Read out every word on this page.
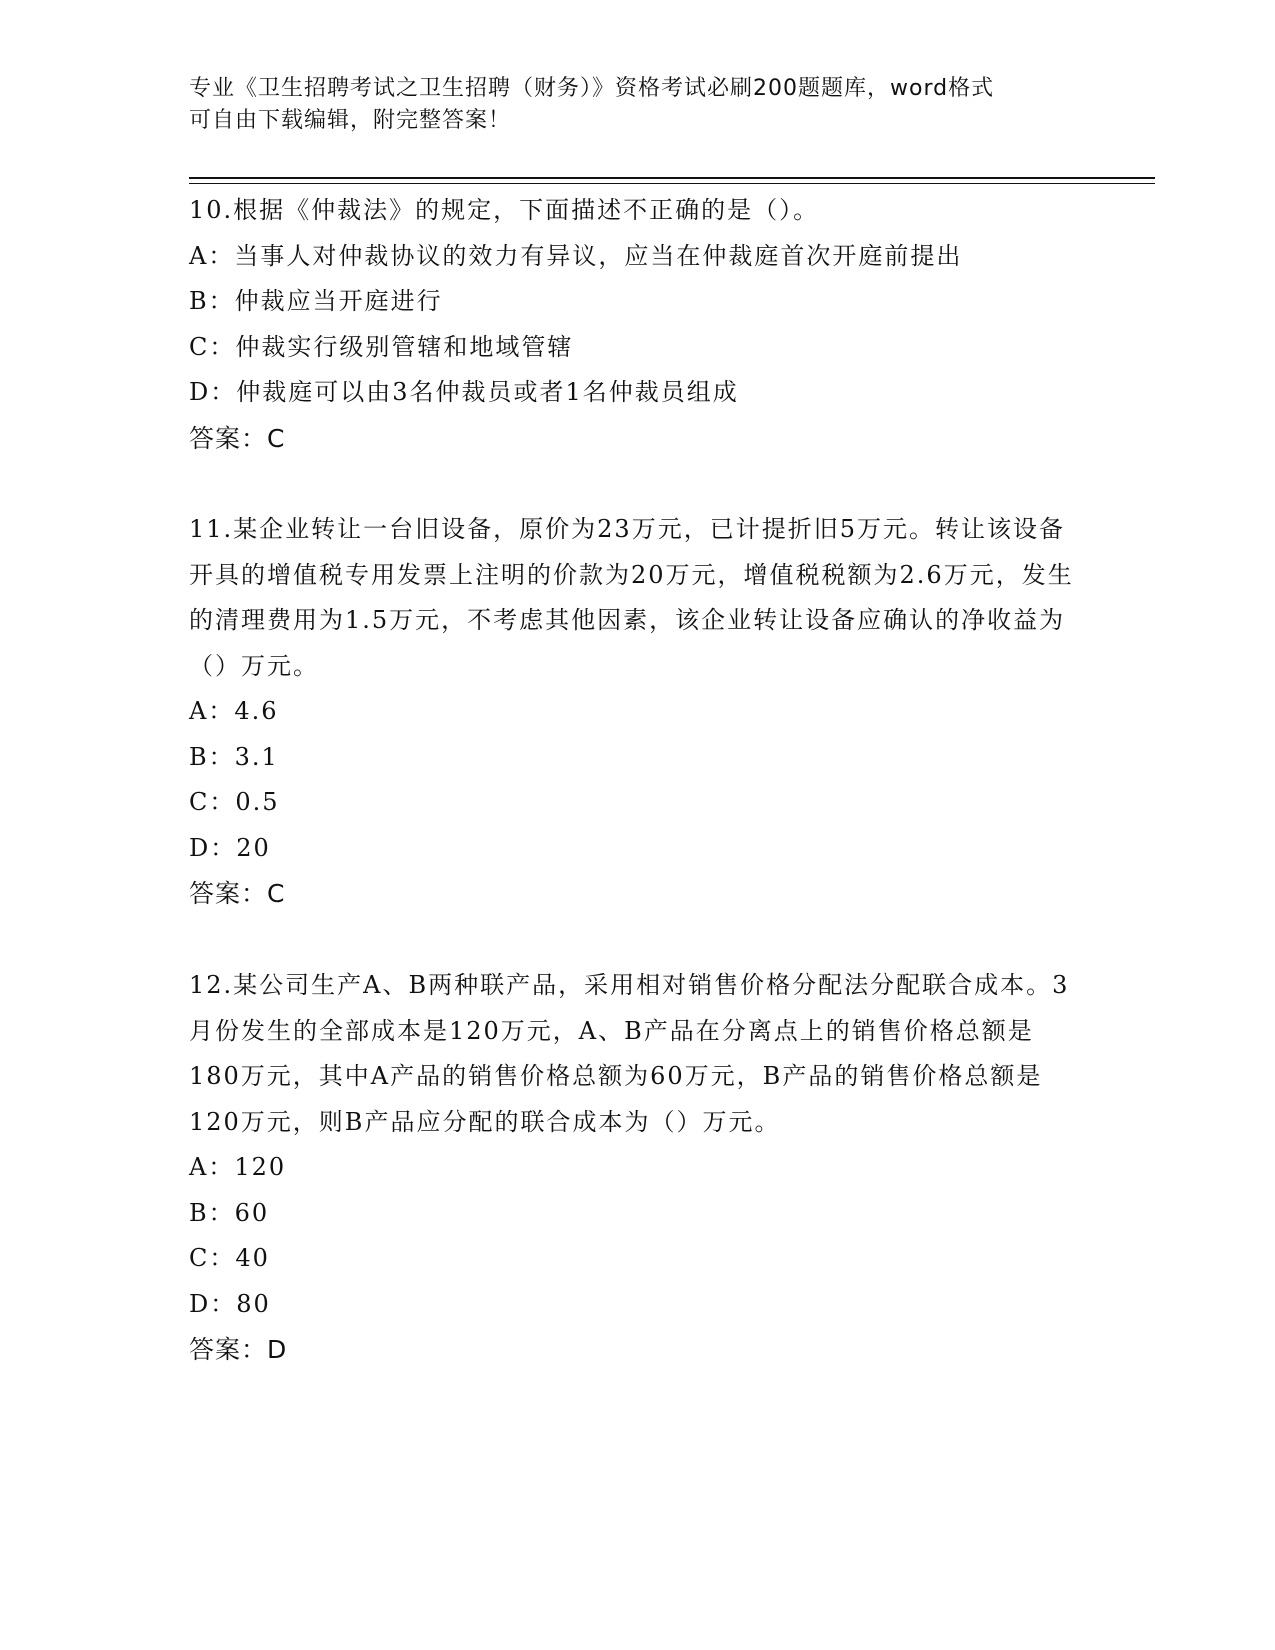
专业《卫生招聘考试之卫生招聘（财务）》资格考试必刷200题题库，word格式
可自由下载编辑，附完整答案！
10.根据《仲裁法》的规定，下面描述不正确的是（）。
A：当事人对仲裁协议的效力有异议，应当在仲裁庭首次开庭前提出
B：仲裁应当开庭进行
C：仲裁实行级别管辖和地域管辖
D：仲裁庭可以由3名仲裁员或者1名仲裁员组成
答案：C
11.某企业转让一台旧设备，原价为23万元，已计提折旧5万元。转让该设备开具的增值税专用发票上注明的价款为20万元，增值税税额为2.6万元，发生的清理费用为1.5万元，不考虑其他因素，该企业转让设备应确认的净收益为（）万元。
A：4.6
B：3.1
C：0.5
D：20
答案：C
12.某公司生产A、B两种联产品，采用相对销售价格分配法分配联合成本。3月份发生的全部成本是120万元，A、B产品在分离点上的销售价格总额是180万元，其中A产品的销售价格总额为60万元，B产品的销售价格总额是120万元，则B产品应分配的联合成本为（）万元。
A：120
B：60
C：40
D：80
答案：D
